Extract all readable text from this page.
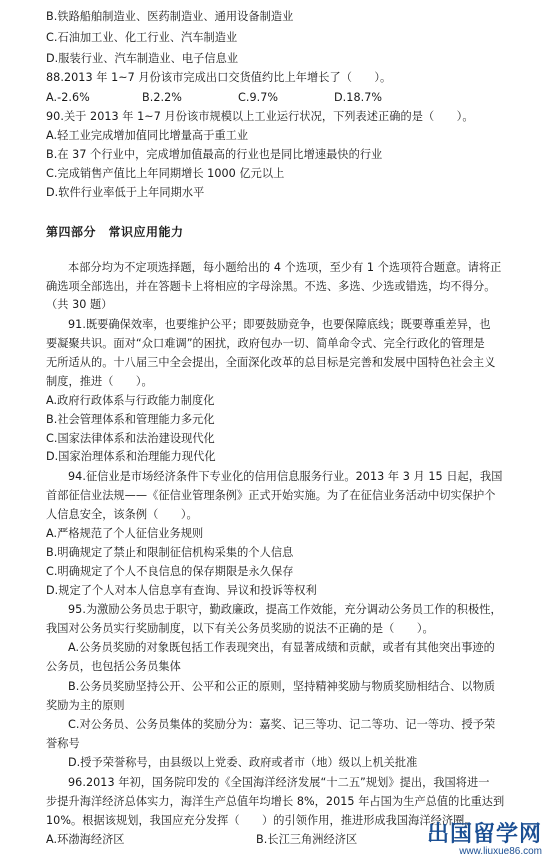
B.铁路船舶制造业、医药制造业、通用设备制造业
C.石油加工业、化工行业、汽车制造业
D.服装行业、汽车制造业、电子信息业
88.2013 年 1~7 月份该市完成出口交货值约比上年增长了（　　）。
A.-2.6%	B.2.2%	C.9.7%	D.18.7%
90.关于 2013 年 1~7 月份该市规模以上工业运行状况，下列表述正确的是（　　）。
A.轻工业完成增加值同比增量高于重工业
B.在 37 个行业中，完成增加值最高的行业也是同比增速最快的行业
C.完成销售产值比上年同期增长 1000 亿元以上
D.软件行业率低于上年同期水平
第四部分　常识应用能力
本部分均为不定项选择题，每小题给出的 4 个选项，至少有 1 个选项符合题意。请将正
确选项全部选出，并在答题卡上将相应的字母涂黑。不选、多选、少选或错选，均不得分。
（共 30 题）
91.既要确保效率，也要维护公平；即要鼓励竞争，也要保障底线；既要尊重差异，也
要凝聚共识。面对“众口难调”的困扰，政府包办一切、简单命令式、完全行政化的管理是
无所适从的。十八届三中全会提出，全面深化改革的总目标是完善和发展中国特色社会主义
制度，推进（　　）。
A.政府行政体系与行政能力制度化
B.社会管理体系和管理能力多元化
C.国家法律体系和法治建设现代化
D.国家治理体系和治理能力现代化
94.征信业是市场经济条件下专业化的信用信息服务行业。2013 年 3 月 15 日起，我国
首部征信业法规——《征信业管理条例》正式开始实施。为了在征信业务活动中切实保护个
人信息安全，该条例（　　）。
A.严格规范了个人征信业务规则
B.明确规定了禁止和限制征信机构采集的个人信息
C.明确规定了个人不良信息的保存期限是永久保存
D.规定了个人对本人信息享有查询、异议和投诉等权利
95.为激励公务员忠于职守，勤政廉政，提高工作效能，充分调动公务员工作的积极性，
我国对公务员实行奖励制度，以下有关公务员奖励的说法不正确的是（　　）。
A.公务员奖励的对象既包括工作表现突出，有显著成绩和贡献，或者有其他突出事迹的
公务员，也包括公务员集体
B.公务员奖励坚持公开、公平和公正的原则，坚持精神奖励与物质奖励相结合、以物质
奖励为主的原则
C.对公务员、公务员集体的奖励分为：嘉奖、记三等功、记二等功、记一等功、授予荣
誉称号
D.授予荣誉称号，由县级以上党委、政府或者市（地）级以上机关批准
96.2013 年初，国务院印发的《全国海洋经济发展“十二五”规划》提出，我国将进一
步提升海洋经济总体实力，海洋生产总值年均增长 8%，2015 年占国为生产总值的比重达到
10%。根据该规划，我国应充分发挥（　　）的引领作用，推进形成我国海洋经济圈。
A.环渤海经济区	B.长江三角洲经济区	出国留学网
www.liuxue86.com
